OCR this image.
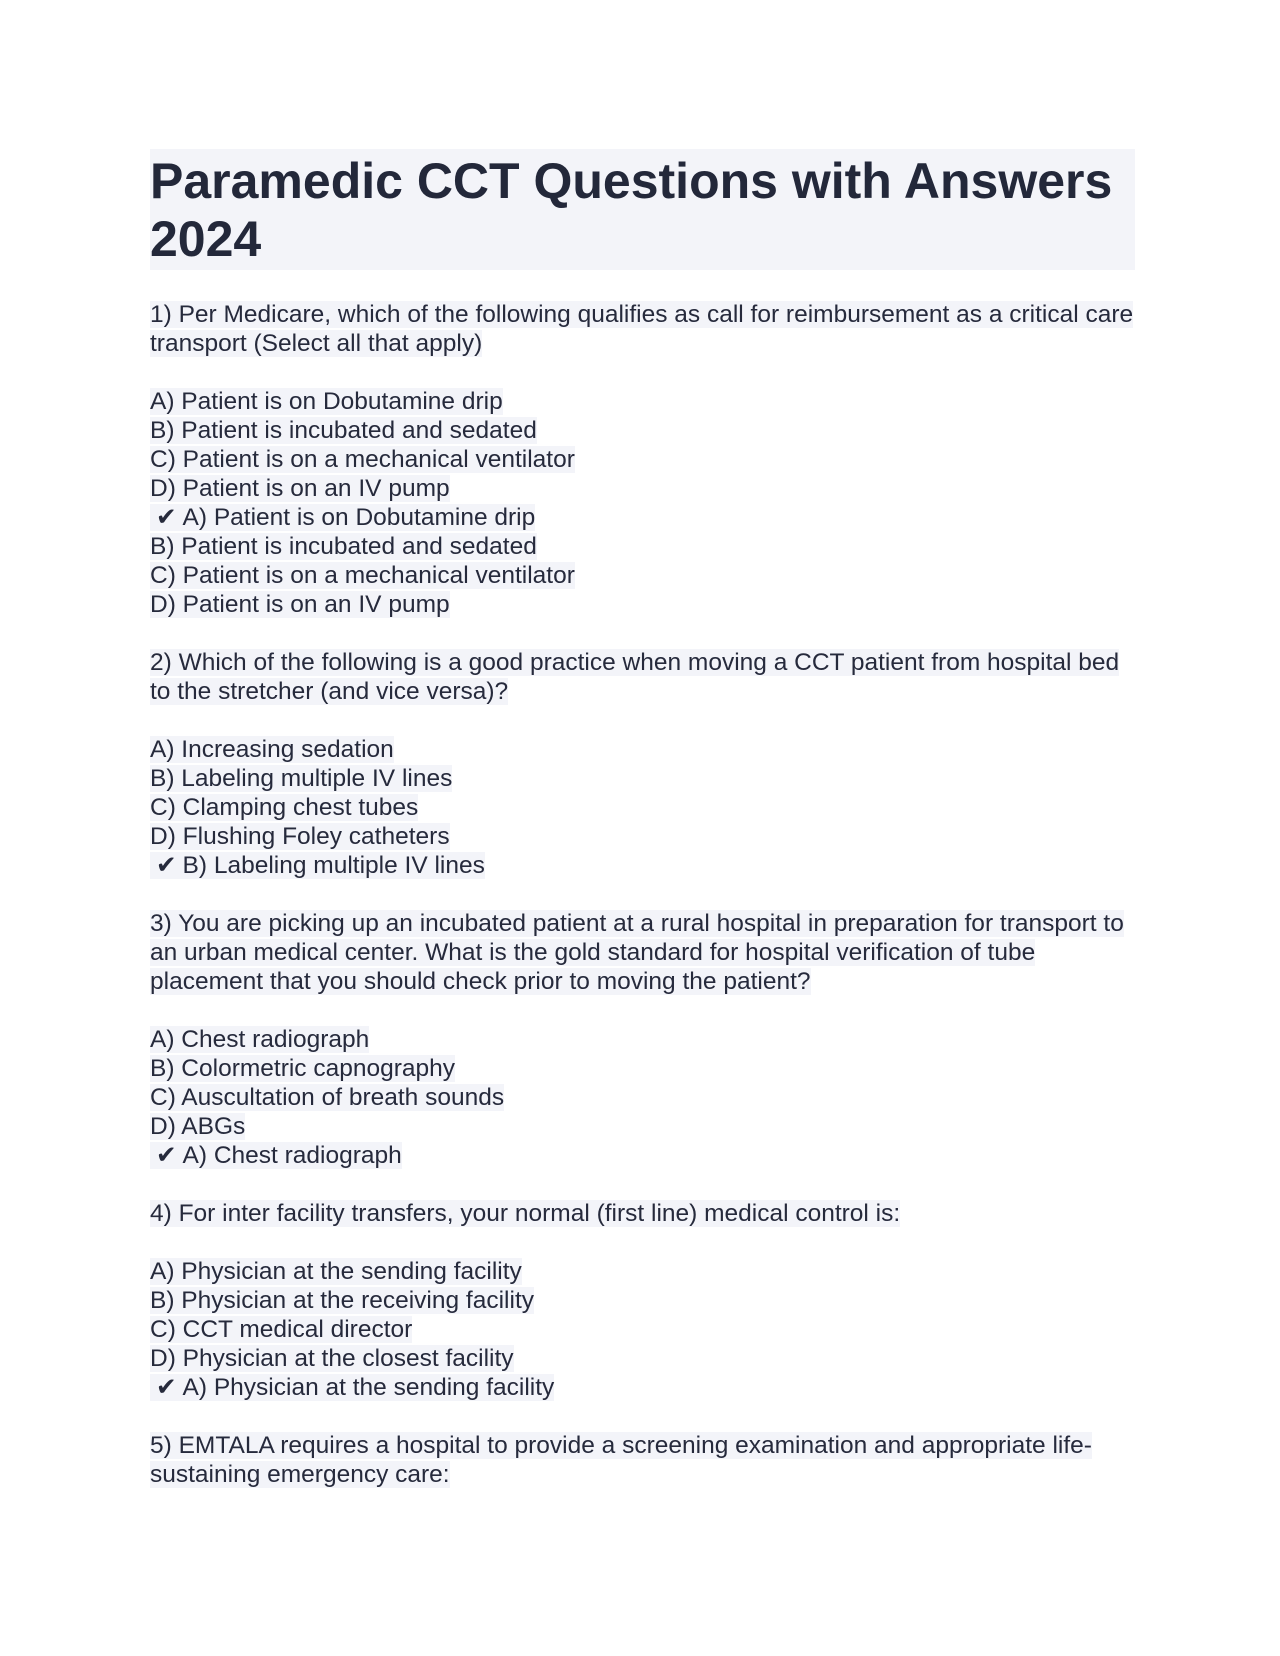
Paramedic CCT Questions with Answers 2024
1) Per Medicare, which of the following qualifies as call for reimbursement as a critical care transport (Select all that apply)
A) Patient is on Dobutamine drip
B) Patient is incubated and sedated
C) Patient is on a mechanical ventilator
D) Patient is on an IV pump
✔ A) Patient is on Dobutamine drip
B) Patient is incubated and sedated
C) Patient is on a mechanical ventilator
D) Patient is on an IV pump
2) Which of the following is a good practice when moving a CCT patient from hospital bed to the stretcher (and vice versa)?
A) Increasing sedation
B) Labeling multiple IV lines
C) Clamping chest tubes
D) Flushing Foley catheters
✔ B) Labeling multiple IV lines
3) You are picking up an incubated patient at a rural hospital in preparation for transport to an urban medical center. What is the gold standard for hospital verification of tube placement that you should check prior to moving the patient?
A) Chest radiograph
B) Colormetric capnography
C) Auscultation of breath sounds
D) ABGs
✔ A) Chest radiograph
4) For inter facility transfers, your normal (first line) medical control is:
A) Physician at the sending facility
B) Physician at the receiving facility
C) CCT medical director
D) Physician at the closest facility
✔ A) Physician at the sending facility
5) EMTALA requires a hospital to provide a screening examination and appropriate life-sustaining emergency care:
